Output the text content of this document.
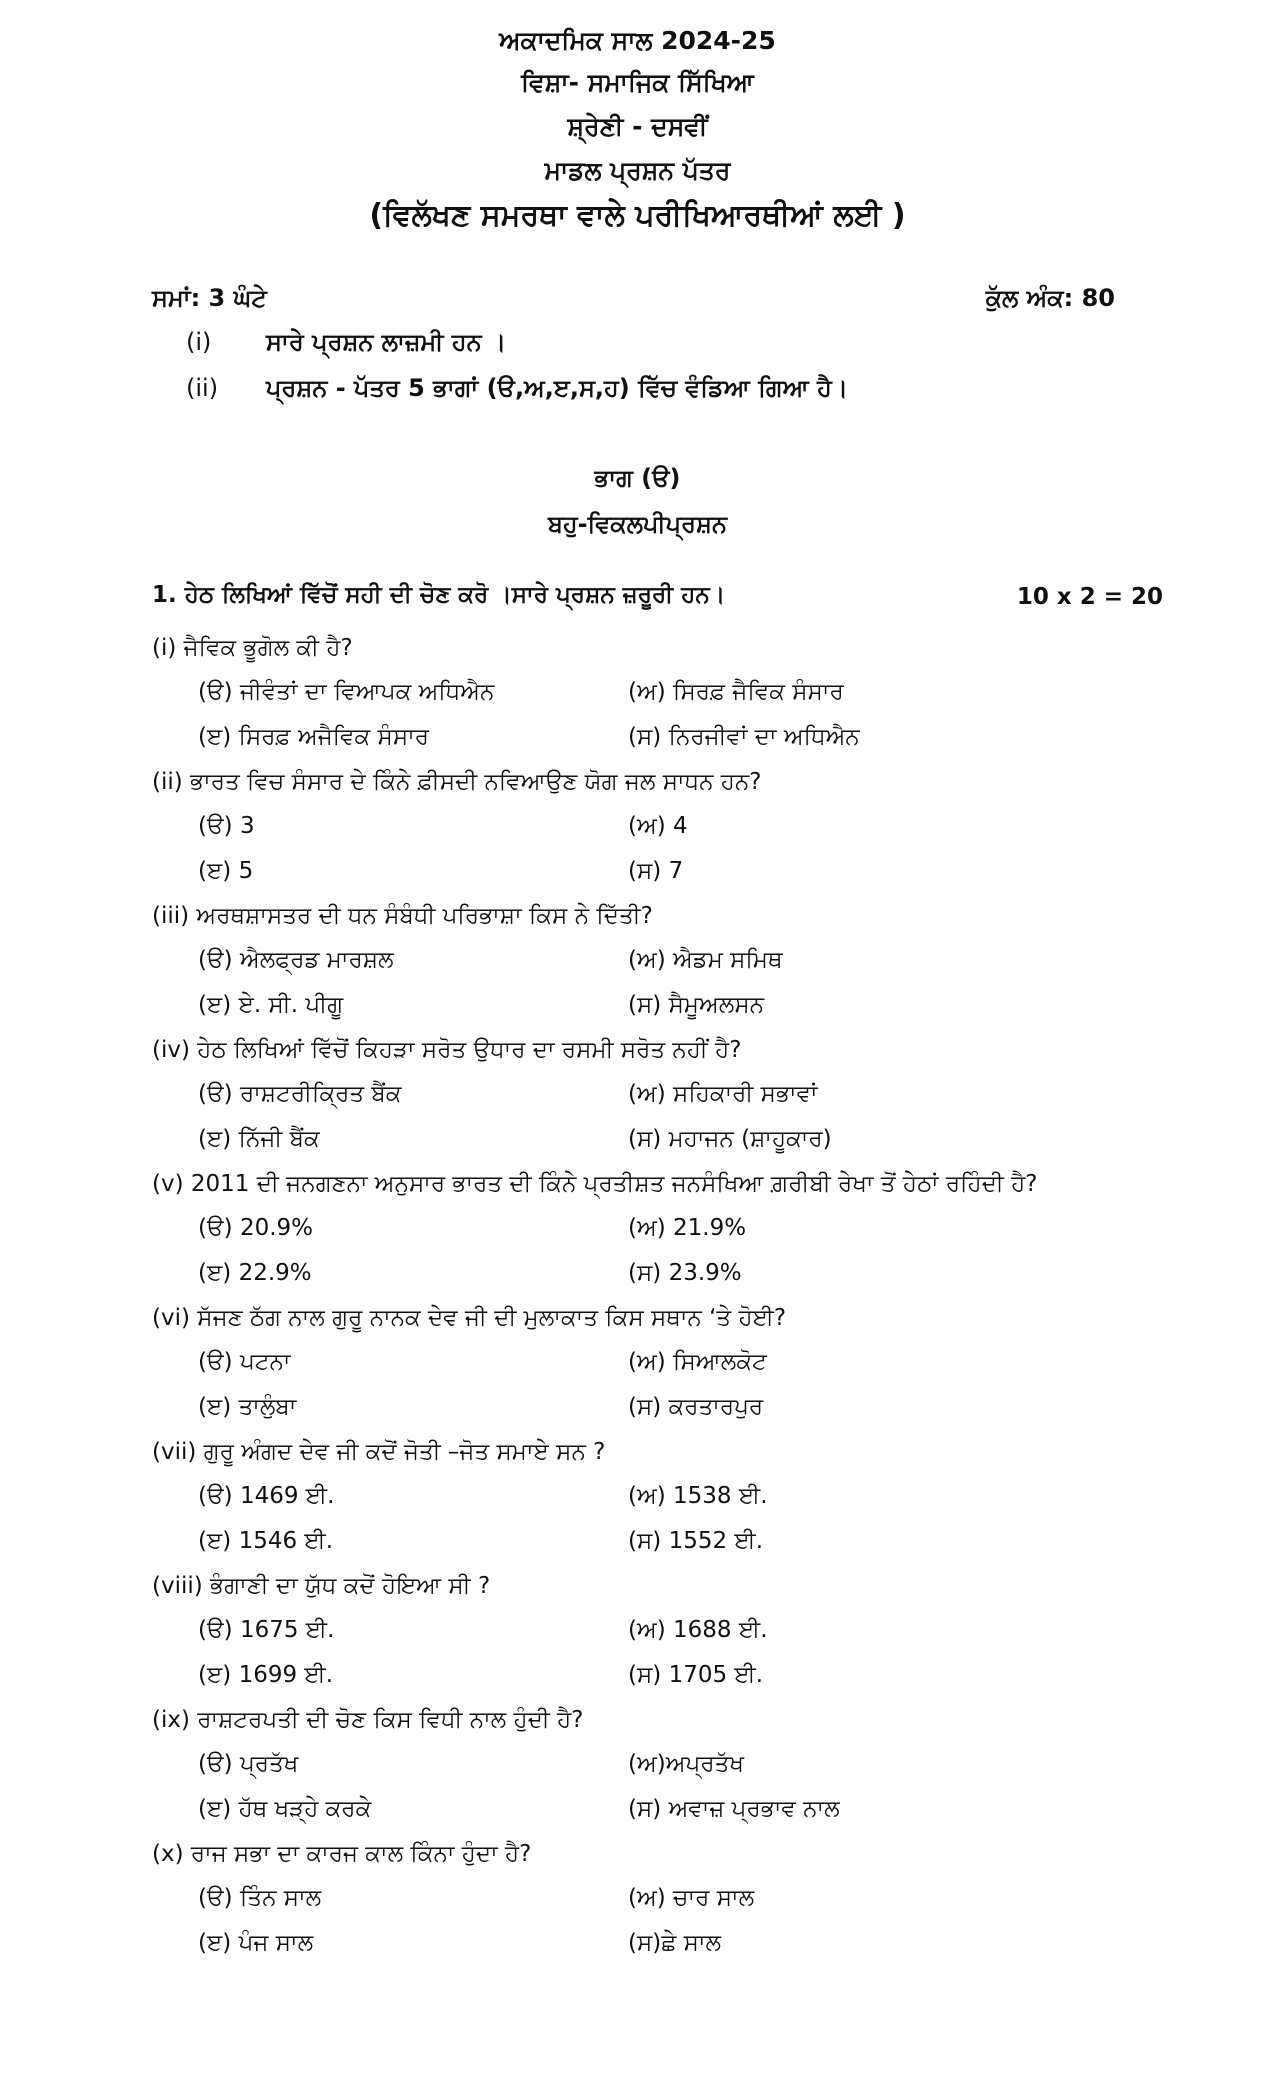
ਅਕਾਦਮਿਕ ਸਾਲ 2024-25
ਵਿਸ਼ਾ- ਸਮਾਜਿਕ ਸਿੱਖਿਆ
ਸ਼੍ਰੇਣੀ - ਦਸਵੀਂ
ਮਾਡਲ ਪ੍ਰਸ਼ਨ ਪੱਤਰ
(ਵਿਲੱਖਣ ਸਮਰਥਾ ਵਾਲੇ ਪਰੀਖਿਆਰਥੀਆਂ ਲਈ )
ਸਮਾਂ: 3 ਘੰਟੇ	ਕੁੱਲ ਅੰਕ: 80
(i) ਸਾਰੇ ਪ੍ਰਸ਼ਨ ਲਾਜ਼ਮੀ ਹਨ ।
(ii) ਪ੍ਰਸ਼ਨ - ਪੱਤਰ 5 ਭਾਗਾਂ (ੳ,ਅ,ੲ,ਸ,ਹ) ਵਿੱਚ ਵੰਡਿਆ ਗਿਆ ਹੈ।
ਭਾਗ (ੳ)
ਬਹੁ-ਵਿਕਲਪੀਪ੍ਰਸ਼ਨ
1. ਹੇਠ ਲਿਖਿਆਂ ਵਿੱਚੋਂ ਸਹੀ ਦੀ ਚੋਣ ਕਰੋ ।ਸਾਰੇ ਪ੍ਰਸ਼ਨ ਜ਼ਰੂਰੀ ਹਨ।	10 x 2 = 20
(i) ਜੈਵਿਕ ਭੂਗੋਲ ਕੀ ਹੈ?
(ੳ) ਜੀਵੰਤਾਂ ਦਾ ਵਿਆਪਕ ਅਧਿਐਨ	(ਅ) ਸਿਰਫ਼ ਜੈਵਿਕ ਸੰਸਾਰ
(ੲ) ਸਿਰਫ਼ ਅਜੈਵਿਕ ਸੰਸਾਰ	(ਸ) ਨਿਰਜੀਵਾਂ ਦਾ ਅਧਿਐਨ
(ii) ਭਾਰਤ ਵਿਚ ਸੰਸਾਰ ਦੇ ਕਿੰਨੇ ਫ਼ੀਸਦੀ ਨਵਿਆਉਣ ਯੋਗ ਜਲ ਸਾਧਨ ਹਨ?
(ੳ) 3	(ਅ) 4
(ੲ) 5	(ਸ) 7
(iii) ਅਰਥਸ਼ਾਸਤਰ ਦੀ ਧਨ ਸੰਬੰਧੀ ਪਰਿਭਾਸ਼ਾ ਕਿਸ ਨੇ ਦਿੱਤੀ?
(ੳ) ਐਲਫ੍ਰਡ ਮਾਰਸ਼ਲ	(ਅ) ਐਡਮ ਸਮਿਥ
(ੲ) ਏ. ਸੀ. ਪੀਗੂ	(ਸ) ਸੈਮੂਅਲਸਨ
(iv) ਹੇਠ ਲਿਖਿਆਂ ਵਿੱਚੋਂ ਕਿਹੜਾ ਸਰੋਤ ਉਧਾਰ ਦਾ ਰਸਮੀ ਸਰੋਤ ਨਹੀਂ ਹੈ?
(ੳ) ਰਾਸ਼ਟਰੀਕ੍ਰਿਤ ਬੈਂਕ	(ਅ) ਸਹਿਕਾਰੀ ਸਭਾਵਾਂ
(ੲ) ਨਿੱਜੀ ਬੈਂਕ	(ਸ) ਮਹਾਜਨ (ਸ਼ਾਹੂਕਾਰ)
(v) 2011 ਦੀ ਜਨਗਣਨਾ ਅਨੁਸਾਰ ਭਾਰਤ ਦੀ ਕਿੰਨੇ ਪ੍ਰਤੀਸ਼ਤ ਜਨਸੰਖਿਆ ਗ਼ਰੀਬੀ ਰੇਖਾ ਤੋਂ ਹੇਠਾਂ ਰਹਿੰਦੀ ਹੈ?
(ੳ) 20.9%	(ਅ) 21.9%
(ੲ) 22.9%	(ਸ) 23.9%
(vi) ਸੱਜਣ ਠੱਗ ਨਾਲ ਗੁਰੂ ਨਾਨਕ ਦੇਵ ਜੀ ਦੀ ਮੁਲਾਕਾਤ ਕਿਸ ਸਥਾਨ ‘ਤੇ ਹੋਈ?
(ੳ) ਪਟਨਾ	(ਅ) ਸਿਆਲਕੋਟ
(ੲ) ਤਾਲੁੰਬਾ	(ਸ) ਕਰਤਾਰਪੁਰ
(vii) ਗੁਰੂ ਅੰਗਦ ਦੇਵ ਜੀ ਕਦੋਂ ਜੋਤੀ –ਜੋਤ ਸਮਾਏ ਸਨ ?
(ੳ) 1469 ਈ.	(ਅ) 1538 ਈ.
(ੲ) 1546 ਈ.	(ਸ) 1552 ਈ.
(viii) ਭੰਗਾਣੀ ਦਾ ਯੁੱਧ ਕਦੋਂ ਹੋਇਆ ਸੀ ?
(ੳ) 1675 ਈ.	(ਅ) 1688 ਈ.
(ੲ) 1699 ਈ.	(ਸ) 1705 ਈ.
(ix) ਰਾਸ਼ਟਰਪਤੀ ਦੀ ਚੋਣ ਕਿਸ ਵਿਧੀ ਨਾਲ ਹੁੰਦੀ ਹੈ?
(ੳ) ਪ੍ਰਤੱਖ	(ਅ)ਅਪ੍ਰਤੱਖ
(ੲ) ਹੱਥ ਖੜ੍ਹੇ ਕਰਕੇ	(ਸ) ਅਵਾਜ਼ ਪ੍ਰਭਾਵ ਨਾਲ
(x) ਰਾਜ ਸਭਾ ਦਾ ਕਾਰਜ ਕਾਲ ਕਿੰਨਾ ਹੁੰਦਾ ਹੈ?
(ੳ) ਤਿੰਨ ਸਾਲ	(ਅ) ਚਾਰ ਸਾਲ
(ੲ) ਪੰਜ ਸਾਲ	(ਸ)ਛੇ ਸਾਲ
